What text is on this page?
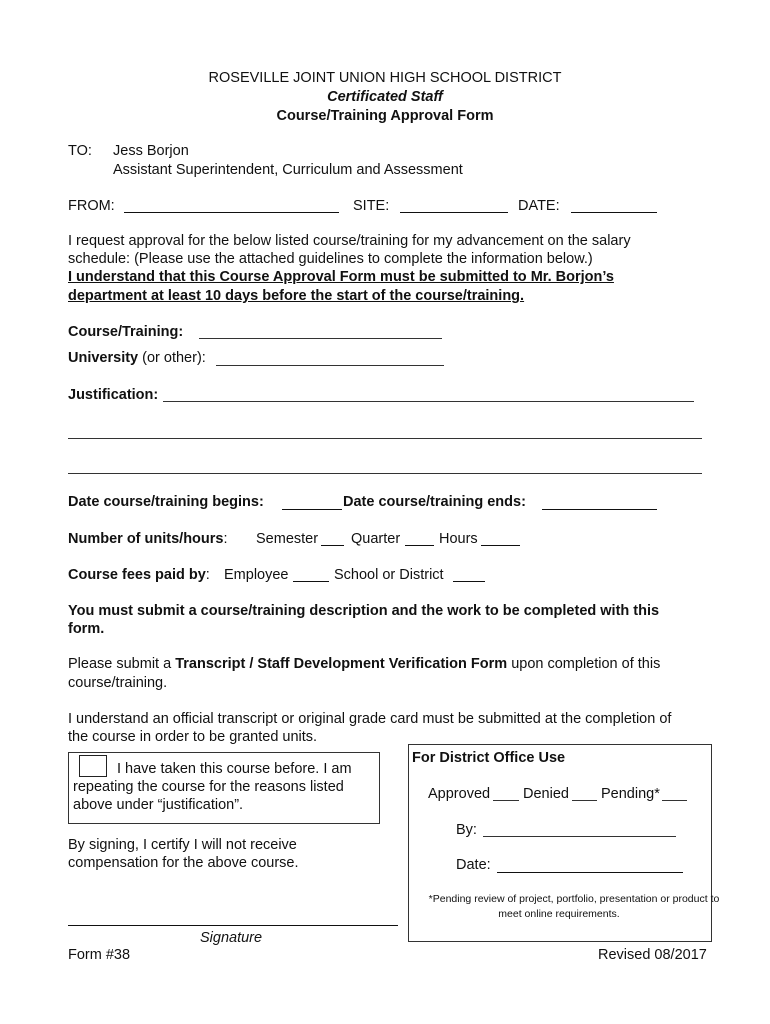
ROSEVILLE JOINT UNION HIGH SCHOOL DISTRICT
Certificated Staff
Course/Training Approval Form
TO: Jess Borjon
Assistant Superintendent, Curriculum and Assessment
FROM:	SITE:	DATE:
I request approval for the below listed course/training for my advancement on the salary
schedule: (Please use the attached guidelines to complete the information below.)
I understand that this Course Approval Form must be submitted to Mr. Borjon’s
department at least 10 days before the start of the course/training.
Course/Training:
University (or other):
Justification:
Date course/training begins:	Date course/training ends:
Number of units/hours: Semester Quarter	Hours
Course fees paid by: Employee	School or District
You must submit a course/training description and the work to be completed with this
form.
Please submit a Transcript / Staff Development Verification Form upon completion of this
course/training.
I understand an official transcript or original grade card must be submitted at the completion of
the course in order to be granted units.
I have taken this course before. I am
repeating the course for the reasons listed
above under “justification”.
By signing, I certify I will not receive
compensation for the above course.
Signature
For District Office Use
Approved Denied Pending*
By:
Date:
*Pending review of project, portfolio, presentation or product to
meet online requirements.
Form #38	Revised 08/2017
